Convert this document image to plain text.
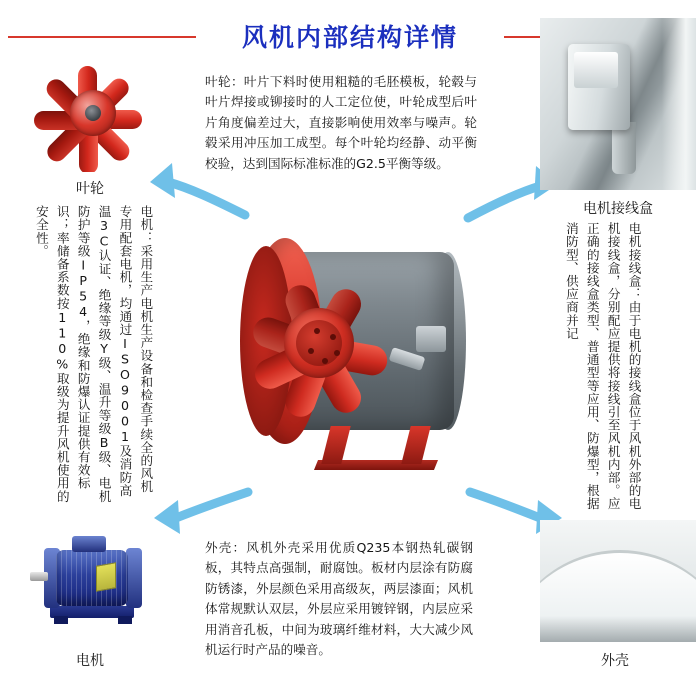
风机内部结构详情
叶轮
电机
电机接线盒
外壳
叶轮：叶片下料时使用粗糙的毛胚模板，轮毂与叶片焊接或铆接时的人工定位使，叶轮成型后叶片角度偏差过大，直接影响使用效率与噪声。轮毂采用冲压加工成型。每个叶轮均经静、动平衡校验，达到国际标准标准的G2.5平衡等级。
外壳：风机外壳采用优质Q235本钢热轧碳钢板，其特点高强制，耐腐蚀。板材内层涂有防腐防锈漆，外层颜色采用高级灰，两层漆面；风机体常规默认双层，外层应采用镀锌钢，内层应采用消音孔板，中间为玻璃纤维材料，大大减少风机运行时产品的噪音。
电机：采用生产电机生产设备和检查手续全的风机专用配套电机，均通过ISO9001及消防高温3C认证、绝缘等级Y级、温升等级B级、电机防护等级IP54，绝缘和防爆认证提供有效标识；率储备系数按110%取级为提升风机使用的安全性。	电机接线盒：由于电机的接线盒位于风机外部的电机接线盒，分别配应提供将接线引至风机内部。应正确的接线盒类型、普通型等应用、防爆型，根据消防型、供应商并记
